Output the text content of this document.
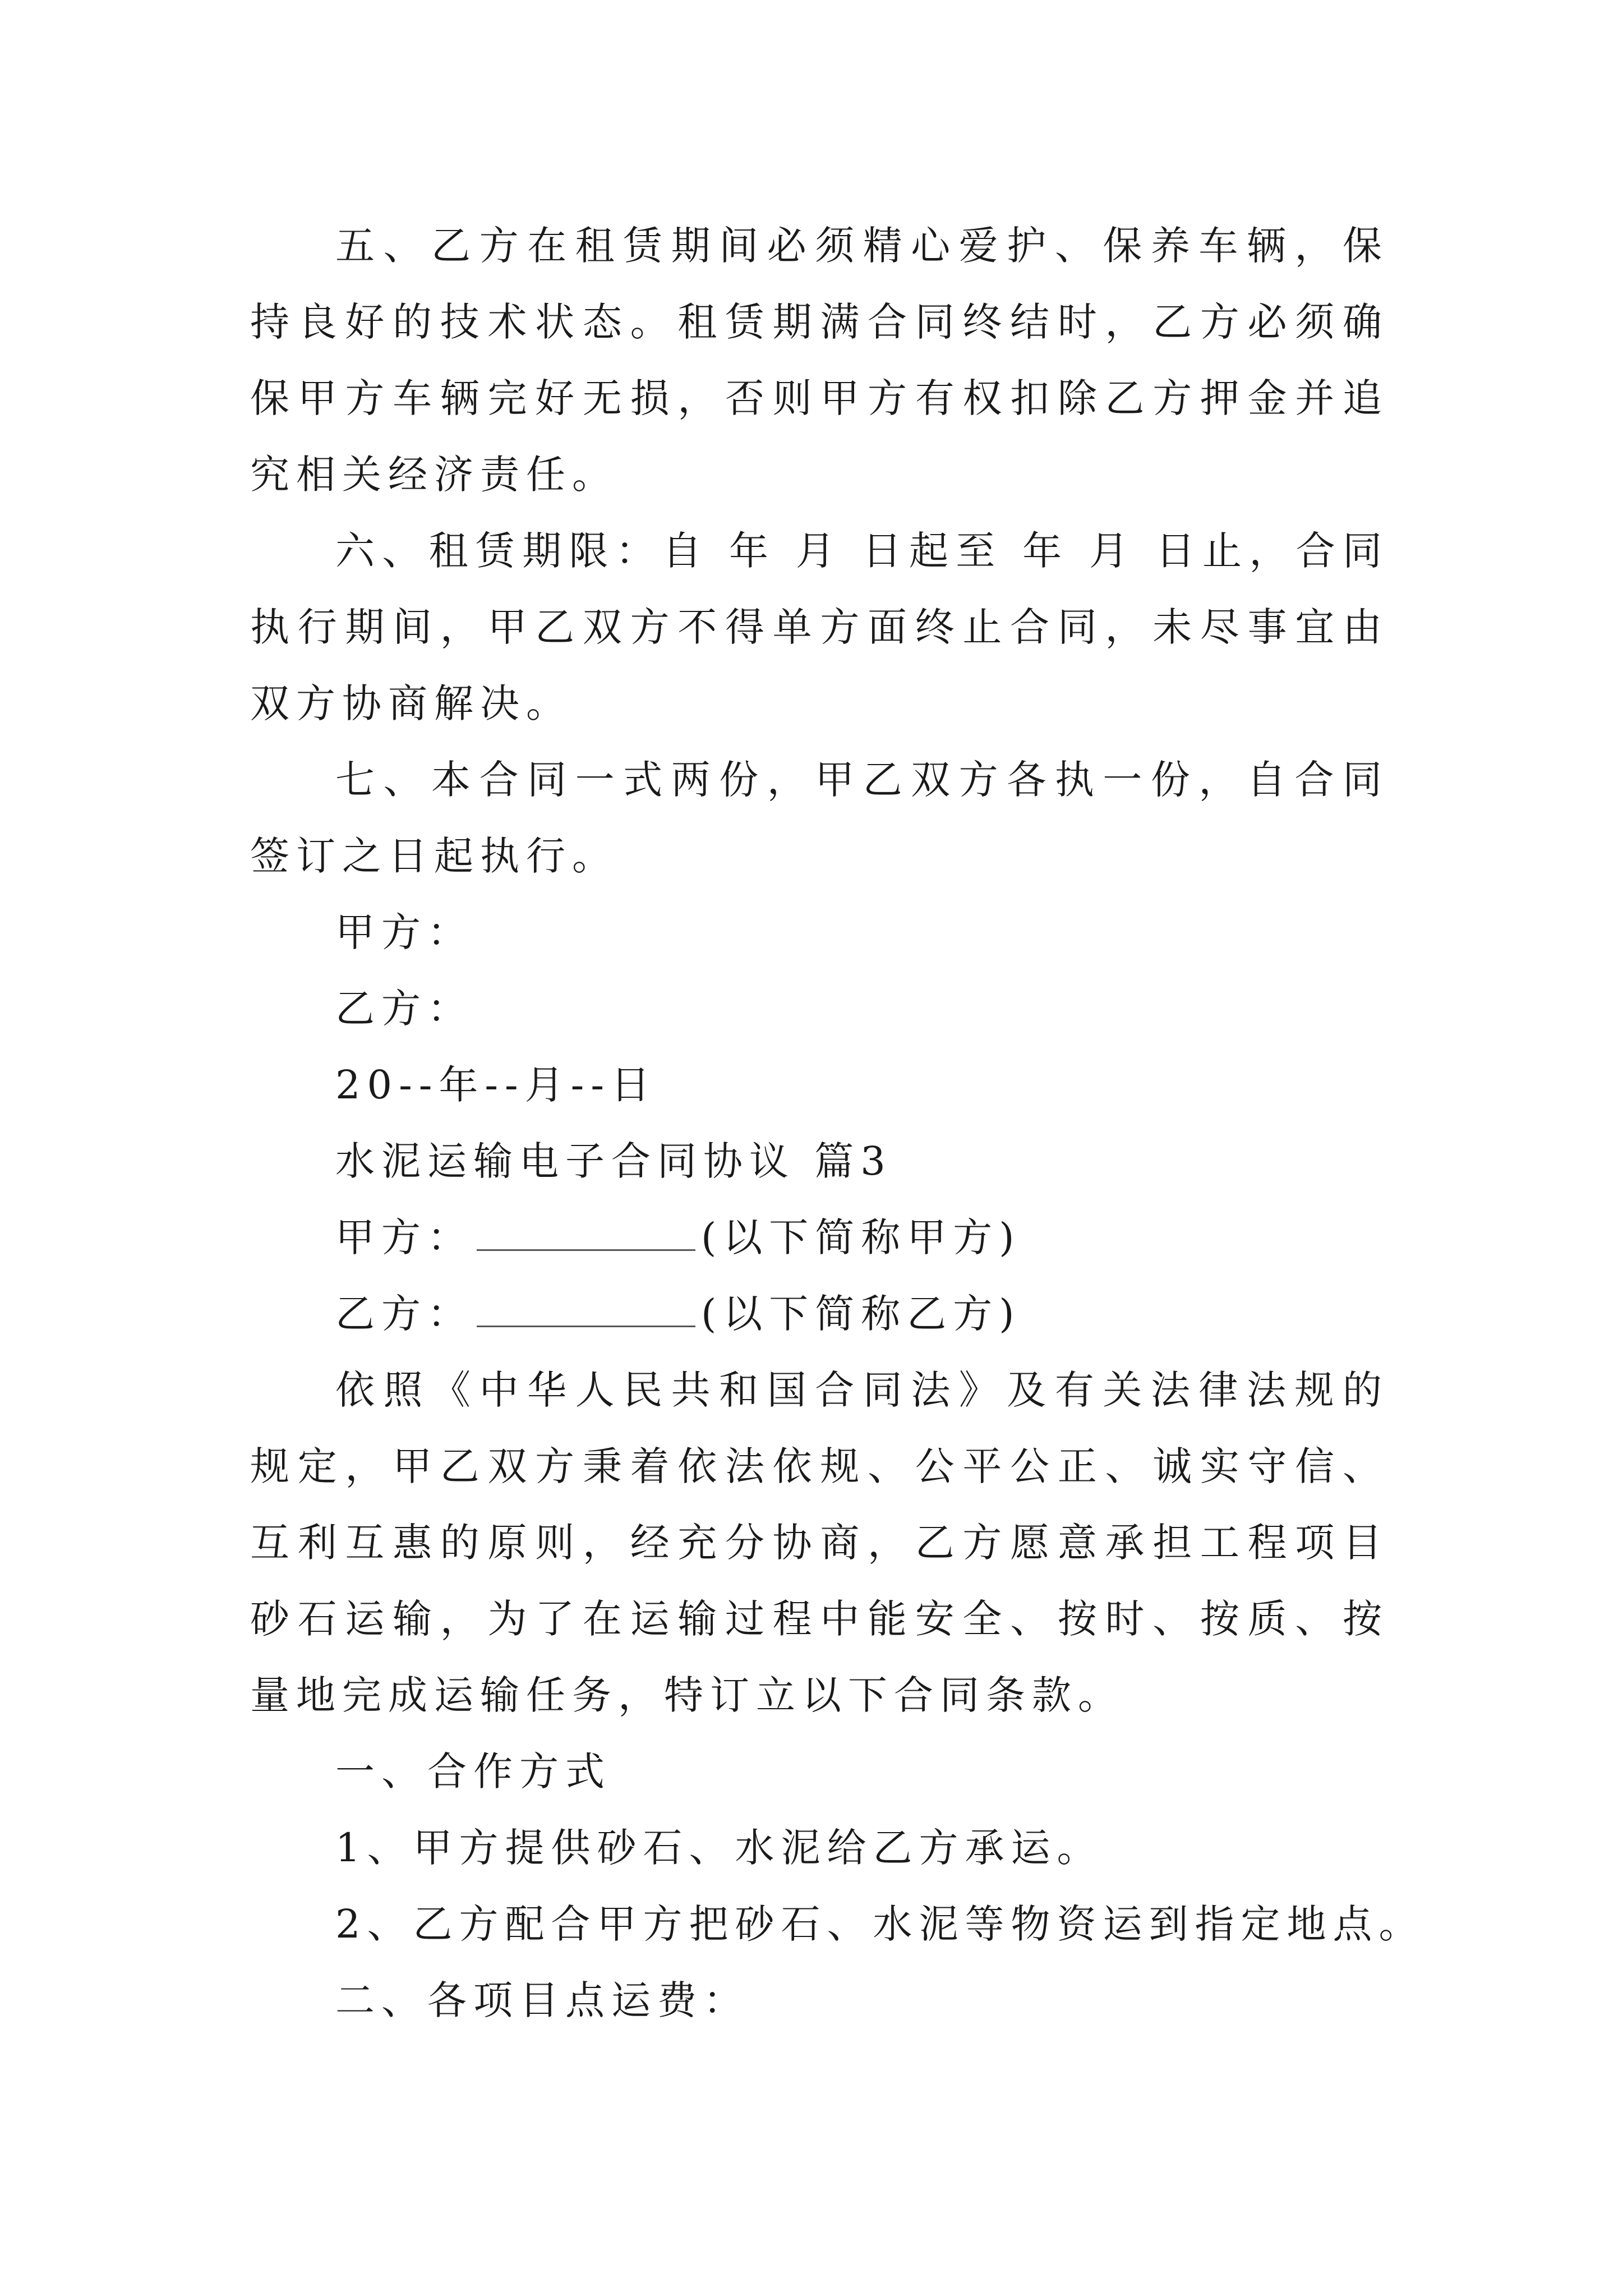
五、乙方在租赁期间必须精心爱护、保养车辆，保持良好的技术状态。租赁期满合同终结时，乙方必须确保甲方车辆完好无损，否则甲方有权扣除乙方押金并追究相关经济责任。

六、租赁期限：自 年 月 日起至 年 月 日止，合同执行期间，甲乙双方不得单方面终止合同，未尽事宜由双方协商解决。

七、本合同一式两份，甲乙双方各执一份，自合同签订之日起执行。

甲方：

乙方：

20--年--月--日

水泥运输电子合同协议 篇3

甲方：	(以下简称甲方)

乙方：	(以下简称乙方)

依照《中华人民共和国合同法》及有关法律法规的规定，甲乙双方秉着依法依规、公平公正、诚实守信、互利互惠的原则，经充分协商，乙方愿意承担工程项目砂石运输，为了在运输过程中能安全、按时、按质、按量地完成运输任务，特订立以下合同条款。

一、合作方式

1、甲方提供砂石、水泥给乙方承运。

2、乙方配合甲方把砂石、水泥等物资运到指定地点。

二、各项目点运费：
